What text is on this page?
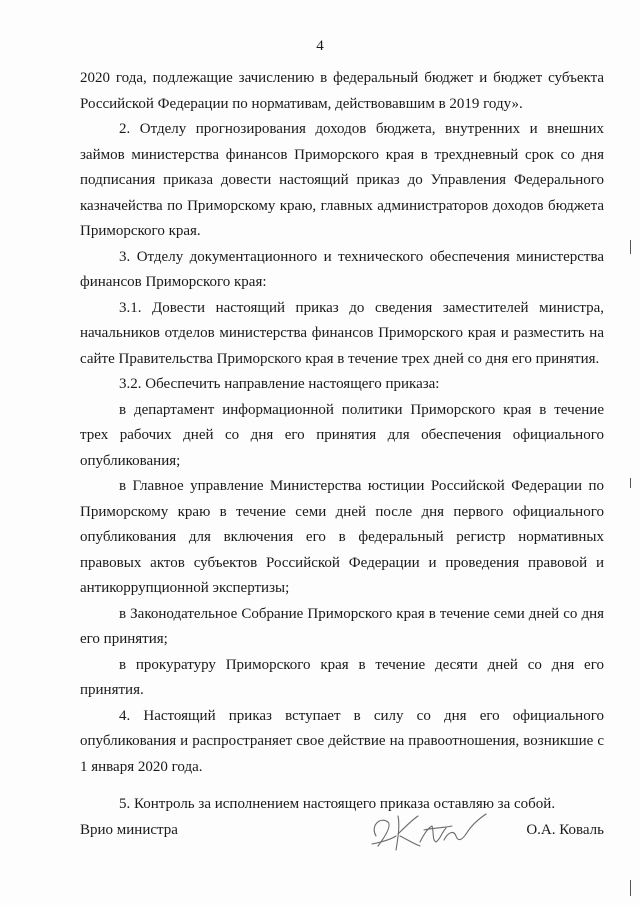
4

2020 года, подлежащие зачислению в федеральный бюджет и бюджет субъекта Российской Федерации по нормативам, действовавшим в 2019 году».

2. Отделу прогнозирования доходов бюджета, внутренних и внешних займов министерства финансов Приморского края в трехдневный срок со дня подписания приказа довести настоящий приказ до Управления Федерального казначейства по Приморскому краю, главных администраторов доходов бюджета Приморского края.

3. Отделу документационного и технического обеспечения министерства финансов Приморского края:

3.1. Довести настоящий приказ до сведения заместителей министра, начальников отделов министерства финансов Приморского края и разместить на сайте Правительства Приморского края в течение трех дней со дня его принятия.

3.2. Обеспечить направление настоящего приказа:

в департамент информационной политики Приморского края в течение трех рабочих дней со дня его принятия для обеспечения официального опубликования;

в Главное управление Министерства юстиции Российской Федерации по Приморскому краю в течение семи дней после дня первого официального опубликования для включения его в федеральный регистр нормативных правовых актов субъектов Российской Федерации и проведения правовой и антикоррупционной экспертизы;

в Законодательное Собрание Приморского края в течение семи дней со дня его принятия;

в прокуратуру Приморского края в течение десяти дней со дня его принятия.

4. Настоящий приказ вступает в силу со дня его официального опубликования и распространяет свое действие на правоотношения, возникшие с 1 января 2020 года.

5. Контроль за исполнением настоящего приказа оставляю за собой.

Врио министра	О.А. Коваль
